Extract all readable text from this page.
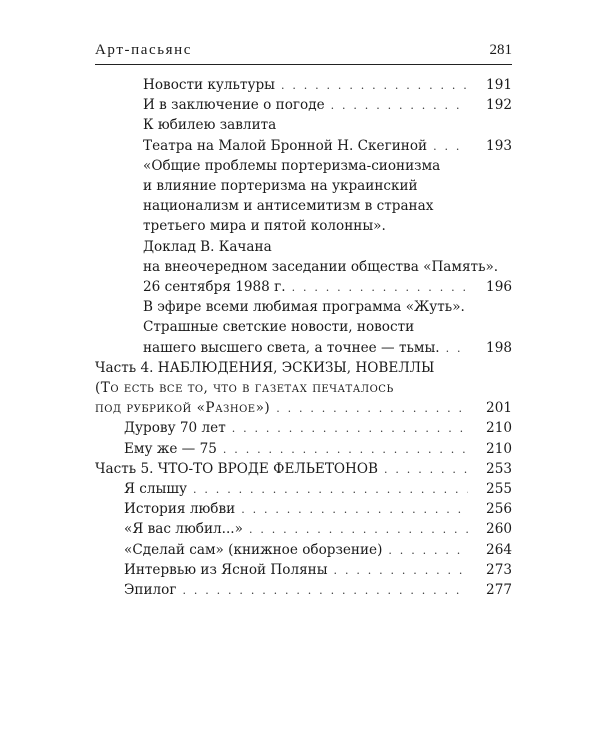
Арт-пасьянс	281
Новости культуры . . .	191
И в заключение о погоде . . .	192
К юбилею завлита
Театра на Малой Бронной Н. Скегиной . . .	193
«Общие проблемы портеризма-сионизма
и влияние портеризма на украинский
национализм и антисемитизм в странах
третьего мира и пятой колонны».
Доклад В. Качана
на внеочередном заседании общества «Память».
26 сентября 1988 г. . . .	196
В эфире всеми любимая программа «Жуть».
Страшные светские новости, новости
нашего высшего света, а точнее — тьмы. . . .	198
Часть 4. НАБЛЮДЕНИЯ, ЭСКИЗЫ, НОВЕЛЛЫ
(То есть все то, что в газетах печаталось
под рубрикой «Разное») . . .	201
Дурову 70 лет . . .	210
Ему же — 75 . . .	210
Часть 5. ЧТО-ТО ВРОДЕ ФЕЛЬЕТОНОВ . . .	253
Я слышу . . .	255
История любви . . .	256
«Я вас любил...» . . .	260
«Сделай сам» (книжное оборзение) . . .	264
Интервью из Ясной Поляны . . .	273
Эпилог . . .	277
